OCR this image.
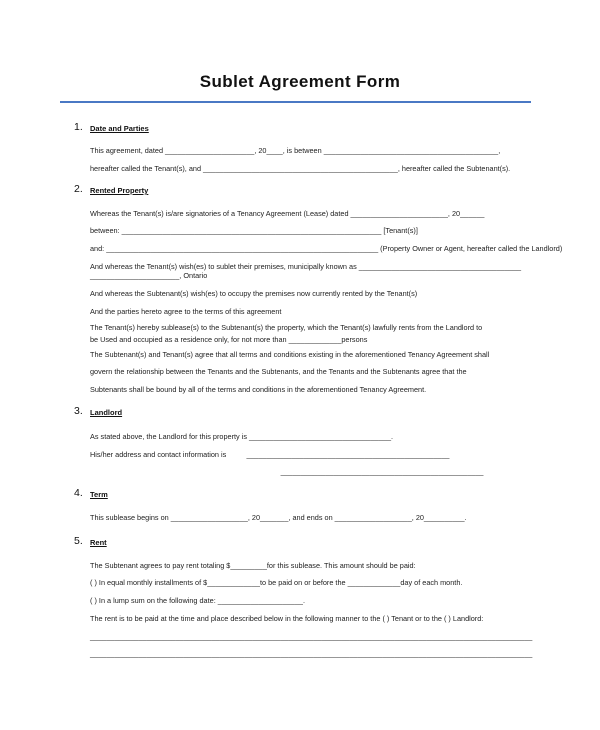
Sublet Agreement Form
1. Date and Parties
This agreement, dated ______________________, 20____, is between ___________________________________________,
hereafter called the Tenant(s), and ________________________________________________, hereafter called the Subtenant(s).
2. Rented Property
Whereas the Tenant(s) is/are signatories of a Tenancy Agreement (Lease) dated ________________________, 20______
between: ________________________________________________________________ [Tenant(s)]
and: ___________________________________________________________________ (Property Owner or Agent, hereafter called the Landlord)
And whereas the Tenant(s) wish(es) to sublet their premises, municipally known as ________________________________________
______________________, Ontario
And whereas the Subtenant(s) wish(es) to occupy the premises now currently rented by the Tenant(s)
And the parties hereto agree to the terms of this agreement
The Tenant(s) hereby sublease(s) to the Subtenant(s) the property, which the Tenant(s) lawfully rents from the Landlord to
be Used and occupied as a residence only, for not more than _____________persons
The Subtenant(s) and Tenant(s) agree that all terms and conditions existing in the aforementioned Tenancy Agreement shall
govern the relationship between the Tenants and the Subtenants, and the Tenants and the Subtenants agree that the
Subtenants shall be bound by all of the terms and conditions in the aforementioned Tenancy Agreement.
3. Landlord
As stated above, the Landlord for this property is ___________________________________.
His/her address and contact information is          __________________________________________________
__________________________________________________
4. Term
This sublease begins on ___________________, 20_______, and ends on ___________________, 20__________.
5. Rent
The Subtenant agrees to pay rent totaling $_________for this sublease. This amount should be paid:
( ) In equal monthly installments of $_____________to be paid on or before the _____________day of each month.
( ) In a lump sum on the following date: _____________________.
The rent is to be paid at the time and place described below in the following manner to the ( ) Tenant or to the ( ) Landlord:
_____________________________________________________________________________________________________________
_____________________________________________________________________________________________________________
